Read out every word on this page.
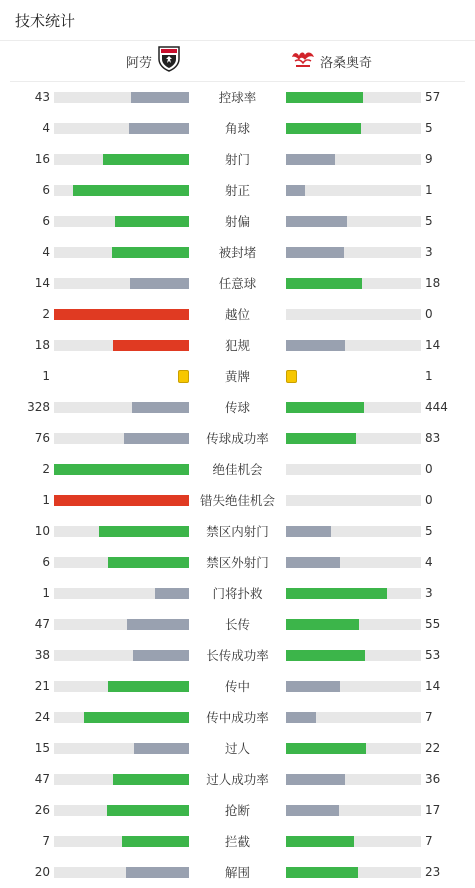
技术统计
阿劳	洛桑奥奇
43	控球率	57
4	角球	5
16	射门	9
6	射正	1
6	射偏	5
4	被封堵	3
14	任意球	18
2	越位	0
18	犯规	14
1	黄牌	1
328	传球	444
76	传球成功率	83
2	绝佳机会	0
1	错失绝佳机会	0
10	禁区内射门	5
6	禁区外射门	4
1	门将扑救	3
47	长传	55
38	长传成功率	53
21	传中	14
24	传中成功率	7
15	过人	22
47	过人成功率	36
26	抢断	17
7	拦截	7
20	解围	23
